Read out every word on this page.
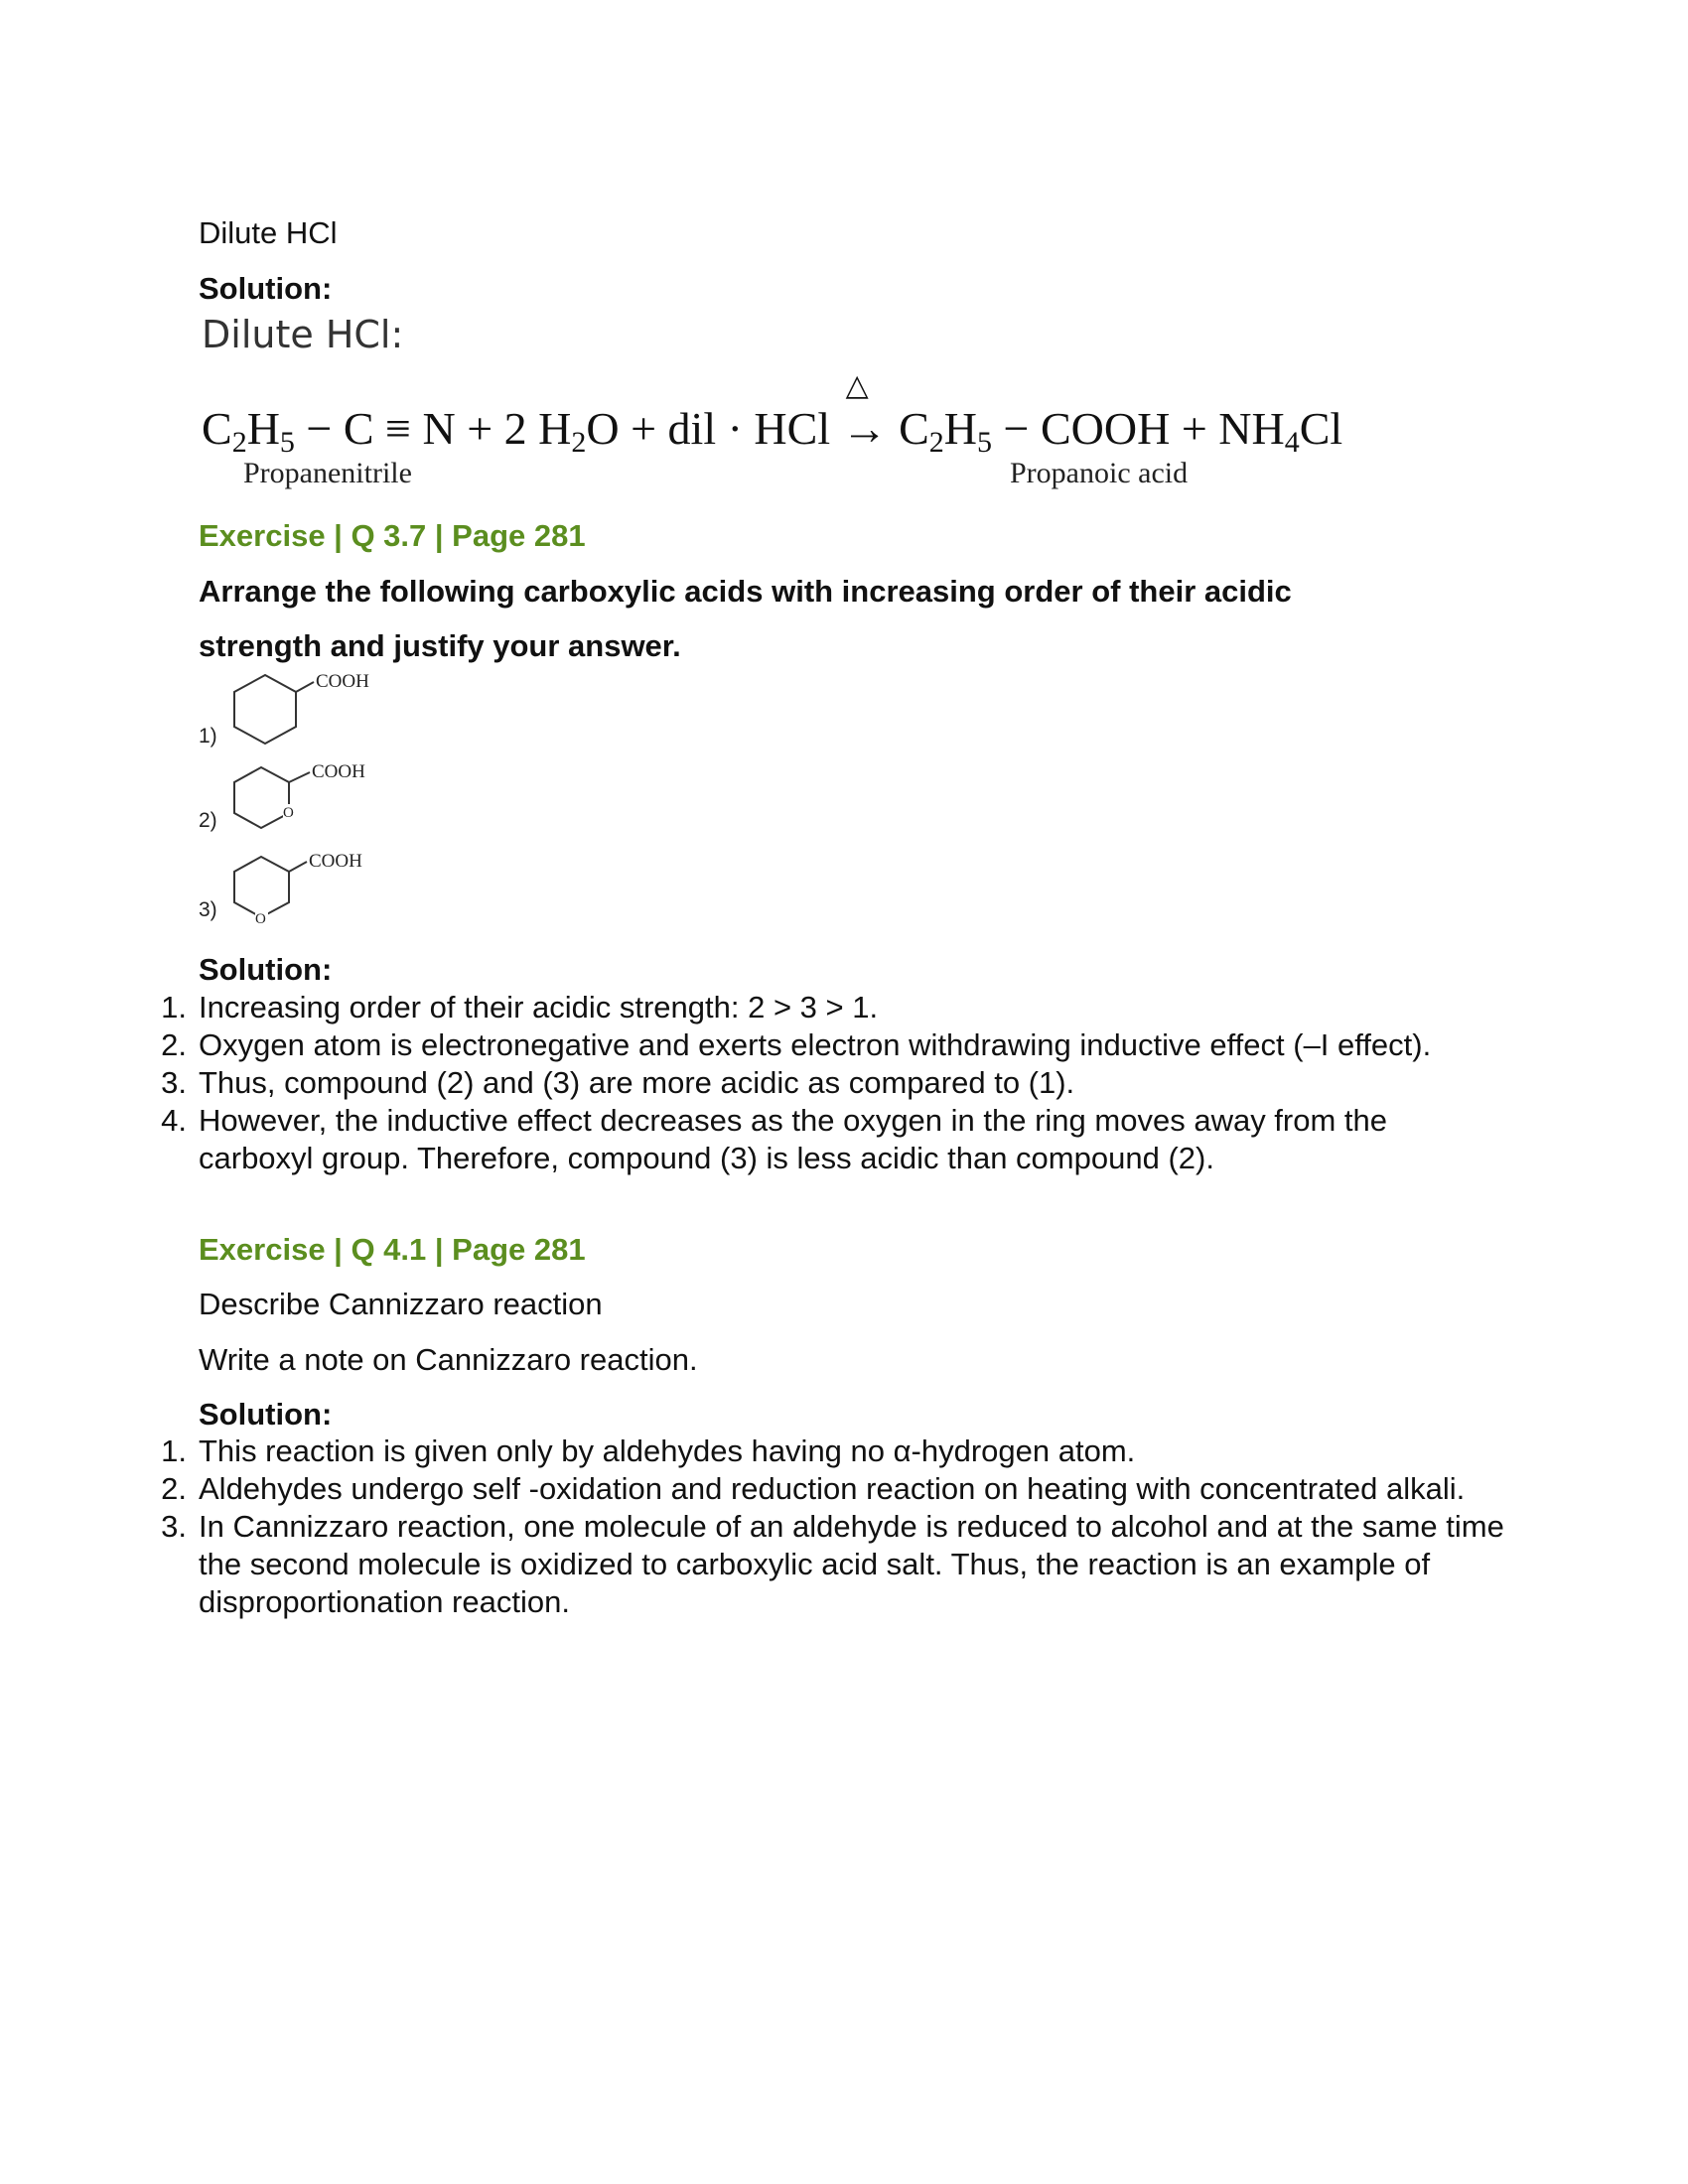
Dilute HCl
Solution:
Dilute HCl:
$C_2H_5 - C \equiv N + 2$ $H_2O$ + dil · HCl
△
→ $C_2H_5$ − COOH + $NH_4Cl$
Propanenitrile	Propanoic acid
Exercise | Q 3.7 | Page 281
Arrange the following carboxylic acids with increasing order of their acidic
strength and justify your answer.
1)
COOH
2)	O
COOH
3)	O
COOH
Solution:
1. Increasing order of their acidic strength: 2 > 3 > 1.
2. Oxygen atom is electronegative and exerts electron withdrawing inductive effect (–I effect).
3. Thus, compound (2) and (3) are more acidic as compared to (1).
4. However, the inductive effect decreases as the oxygen in the ring moves away from the carboxyl group. Therefore, compound (3) is less acidic than compound (2).
Exercise | Q 4.1 | Page 281
Describe Cannizzaro reaction
Write a note on Cannizzaro reaction.
Solution:
1. This reaction is given only by aldehydes having no α-hydrogen atom.
2. Aldehydes undergo self -oxidation and reduction reaction on heating with concentrated alkali.
3. In Cannizzaro reaction, one molecule of an aldehyde is reduced to alcohol and at the same time the second molecule is oxidized to carboxylic acid salt. Thus, the reaction is an example of disproportionation reaction.
